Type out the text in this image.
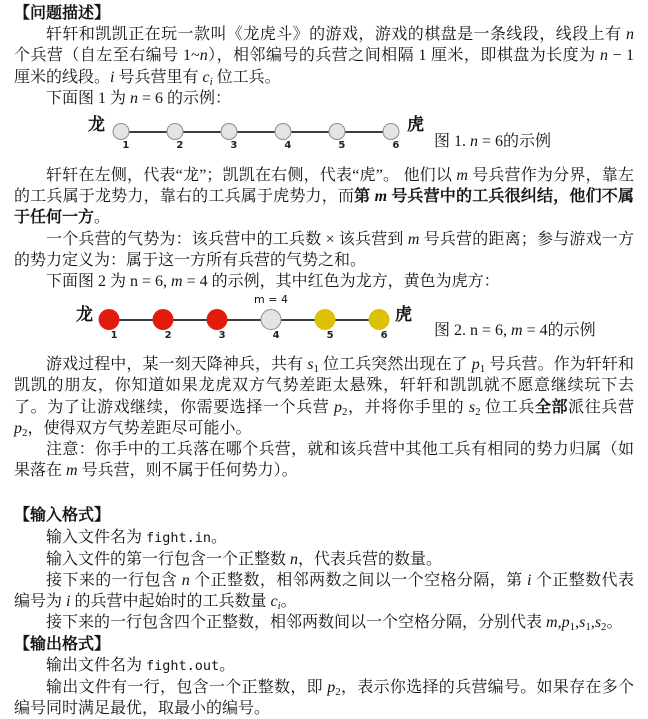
【问题描述】

轩轩和凯凯正在玩一款叫《龙虎斗》的游戏，游戏的棋盘是一条线段，线段上有 n 个兵营（自左至右编号 1~n），相邻编号的兵营之间相隔 1 厘米，即棋盘为长度为 n − 1 厘米的线段。i 号兵营里有 ci 位工兵。

下面图 1 为 n = 6 的示例：

龙
1	2	3	4	5	6
虎
图 1. n = 6的示例

轩轩在左侧，代表“龙”；凯凯在右侧，代表“虎”。 他们以 m 号兵营作为分界，靠左的工兵属于龙势力，靠右的工兵属于虎势力，而第 m 号兵营中的工兵很纠结，他们不属于任何一方。

一个兵营的气势为：该兵营中的工兵数 × 该兵营到 m 号兵营的距离；参与游戏一方的势力定义为：属于这一方所有兵营的气势之和。

下面图 2 为 n = 6, m = 4 的示例，其中红色为龙方，黄色为虎方：

龙
1	2	3	4
m = 4
5	6
虎
图 2. n = 6, m = 4的示例

游戏过程中，某一刻天降神兵，共有 s1 位工兵突然出现在了 p1 号兵营。作为轩轩和凯凯的朋友，你知道如果龙虎双方气势差距太悬殊，轩轩和凯凯就不愿意继续玩下去了。为了让游戏继续，你需要选择一个兵营 p2，并将你手里的 s2 位工兵全部派往兵营 p2，使得双方气势差距尽可能小。

注意：你手中的工兵落在哪个兵营，就和该兵营中其他工兵有相同的势力归属（如果落在 m 号兵营，则不属于任何势力）。

【输入格式】

输入文件名为 fight.in。

输入文件的第一行包含一个正整数 n，代表兵营的数量。

接下来的一行包含 n 个正整数，相邻两数之间以一个空格分隔，第 i 个正整数代表编号为 i 的兵营中起始时的工兵数量 ci。

接下来的一行包含四个正整数，相邻两数间以一个空格分隔，分别代表 m,p1,s1,s2。

【输出格式】

输出文件名为 fight.out。

输出文件有一行，包含一个正整数，即 p2，表示你选择的兵营编号。如果存在多个编号同时满足最优，取最小的编号。
